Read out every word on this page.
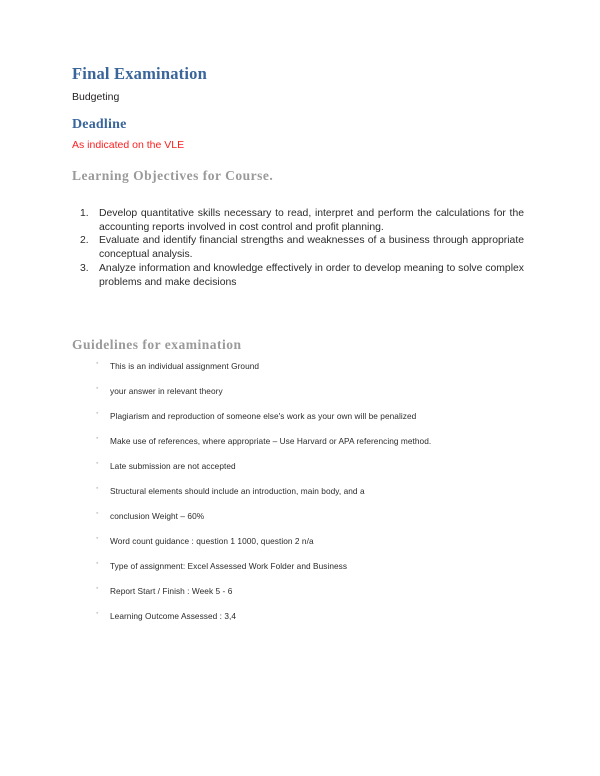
Final Examination

Budgeting

Deadline

As indicated on the VLE

Learning Objectives for Course.
1. Develop quantitative skills necessary to read, interpret and perform the calculations for the accounting reports involved in cost control and profit planning.
2. Evaluate and identify financial strengths and weaknesses of a business through appropriate conceptual analysis.
3. Analyze information and knowledge effectively in order to develop meaning to solve complex problems and make decisions
Guidelines for examination
▪	This is an individual assignment Ground
▪	your answer in relevant theory
▪	Plagiarism and reproduction of someone else's work as your own will be penalized
▪	Make use of references, where appropriate – Use Harvard or APA referencing method.
▪	Late submission are not accepted
▪	Structural elements should include an introduction, main body, and a
▪	conclusion Weight – 60%
▪	Word count guidance : question 1 1000, question 2 n/a
▪	Type of assignment: Excel Assessed Work Folder and Business
▪	Report Start / Finish : Week 5 - 6
▪	Learning Outcome Assessed : 3,4
